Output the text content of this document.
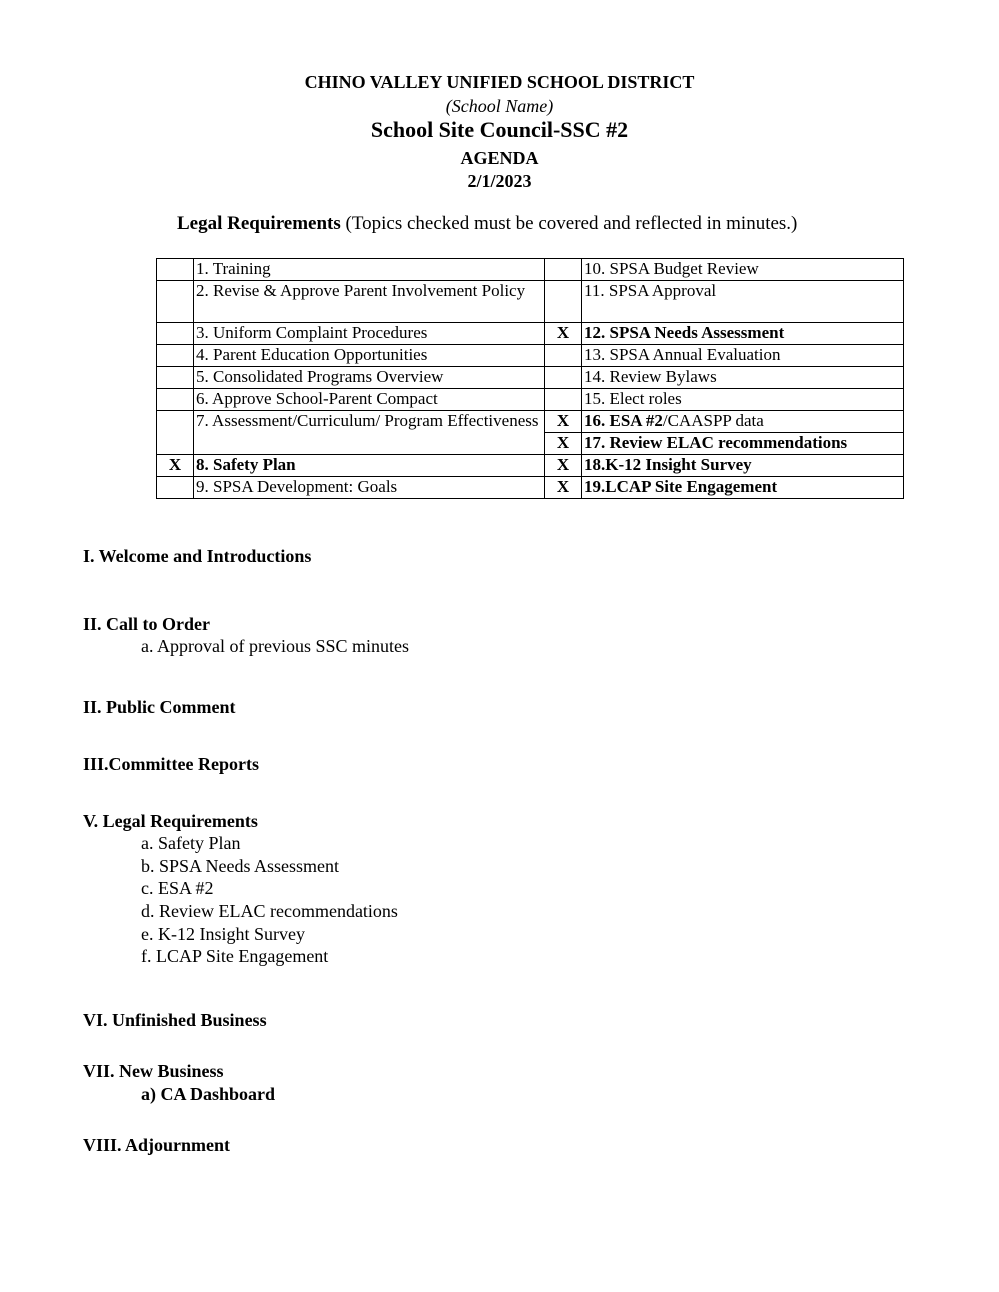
CHINO VALLEY UNIFIED SCHOOL DISTRICT
(School Name)
School Site Council-SSC #2
AGENDA
2/1/2023
Legal Requirements (Topics checked must be covered and reflected in minutes.)
	1. Training		10. SPSA Budget Review
	2. Revise & Approve Parent Involvement Policy		11. SPSA Approval
	3. Uniform Complaint Procedures	X	12. SPSA Needs Assessment
	4. Parent Education Opportunities		13. SPSA Annual Evaluation
	5. Consolidated Programs Overview		14. Review Bylaws
	6. Approve School-Parent Compact		15. Elect roles
	7. Assessment/Curriculum/ Program Effectiveness	X	16. ESA #2/CAASPP data
		X	17. Review ELAC recommendations
X	8. Safety Plan	X	18.K-12 Insight Survey
	9. SPSA Development: Goals	X	19.LCAP Site Engagement
I. Welcome and Introductions
II. Call to Order
a. Approval of previous SSC minutes
II. Public Comment
III.Committee Reports
V. Legal Requirements
a. Safety Plan
b. SPSA Needs Assessment
c. ESA #2
d. Review ELAC recommendations
e. K-12 Insight Survey
f. LCAP Site Engagement
VI. Unfinished Business
VII. New Business
a) CA Dashboard
VIII. Adjournment
